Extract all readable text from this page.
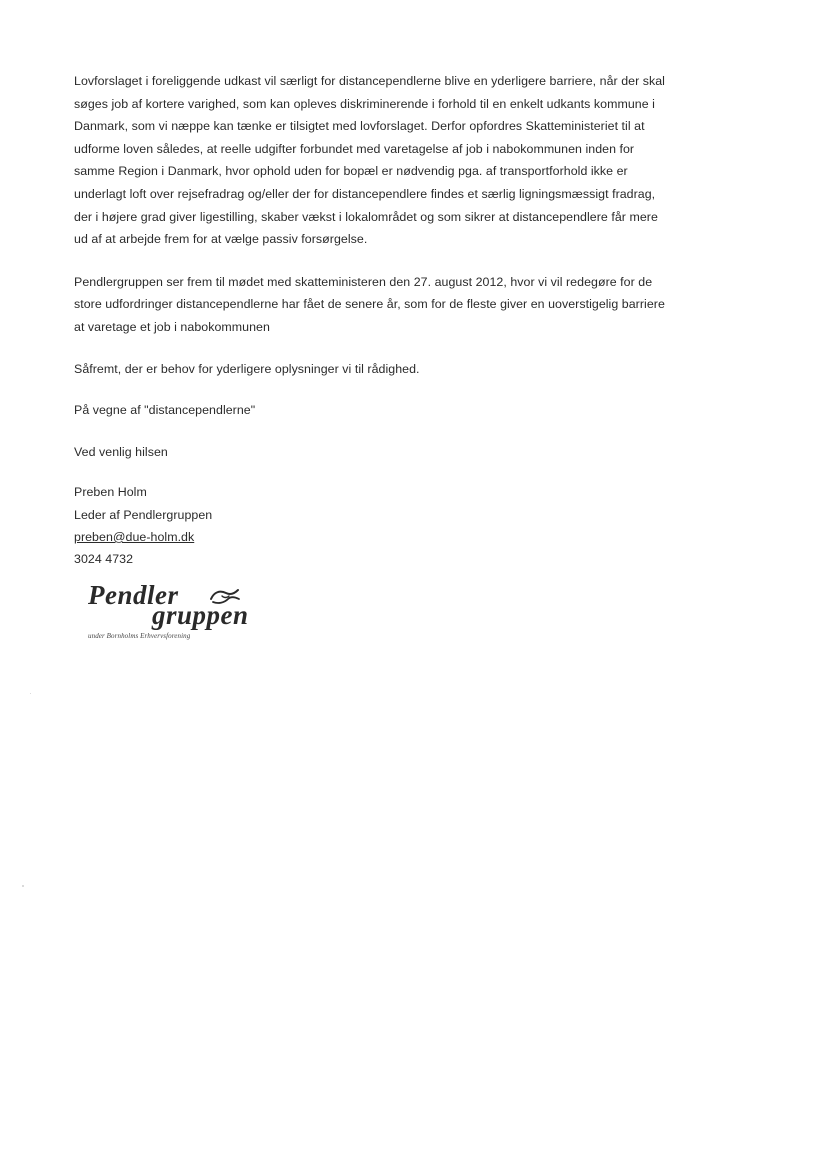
Lovforslaget i foreliggende udkast vil særligt for distancependlerne blive en yderligere barriere, når der skal
søges job af kortere varighed, som kan opleves diskriminerende i forhold til en enkelt udkants kommune i
Danmark, som vi næppe kan tænke er tilsigtet med lovforslaget. Derfor opfordres Skatteministeriet til at
udforme loven således, at reelle udgifter forbundet med varetagelse af job i nabokommunen inden for
samme Region i Danmark, hvor ophold uden for bopæl er nødvendig pga. af transportforhold ikke er
underlagt loft over rejsefradrag og/eller der for distancependlere findes et særlig ligningsmæssigt fradrag,
der i højere grad giver ligestilling, skaber vækst i lokalområdet og som sikrer at distancependlere får mere
ud af at arbejde frem for at vælge passiv forsørgelse.

Pendlergruppen ser frem til mødet med skatteministeren den 27. august 2012, hvor vi vil redegøre for de
store udfordringer distancependlerne har fået de senere år, som for de fleste giver en uoverstigelig barriere
at varetage et job i nabokommunen

Såfremt, der er behov for yderligere oplysninger vi til rådighed.

På vegne af "distancependlerne"

Ved venlig hilsen

Preben Holm
Leder af Pendlergruppen
preben@due-holm.dk
3024 4732
Pendler
gruppen
under Bornholms Erhvervsforening
